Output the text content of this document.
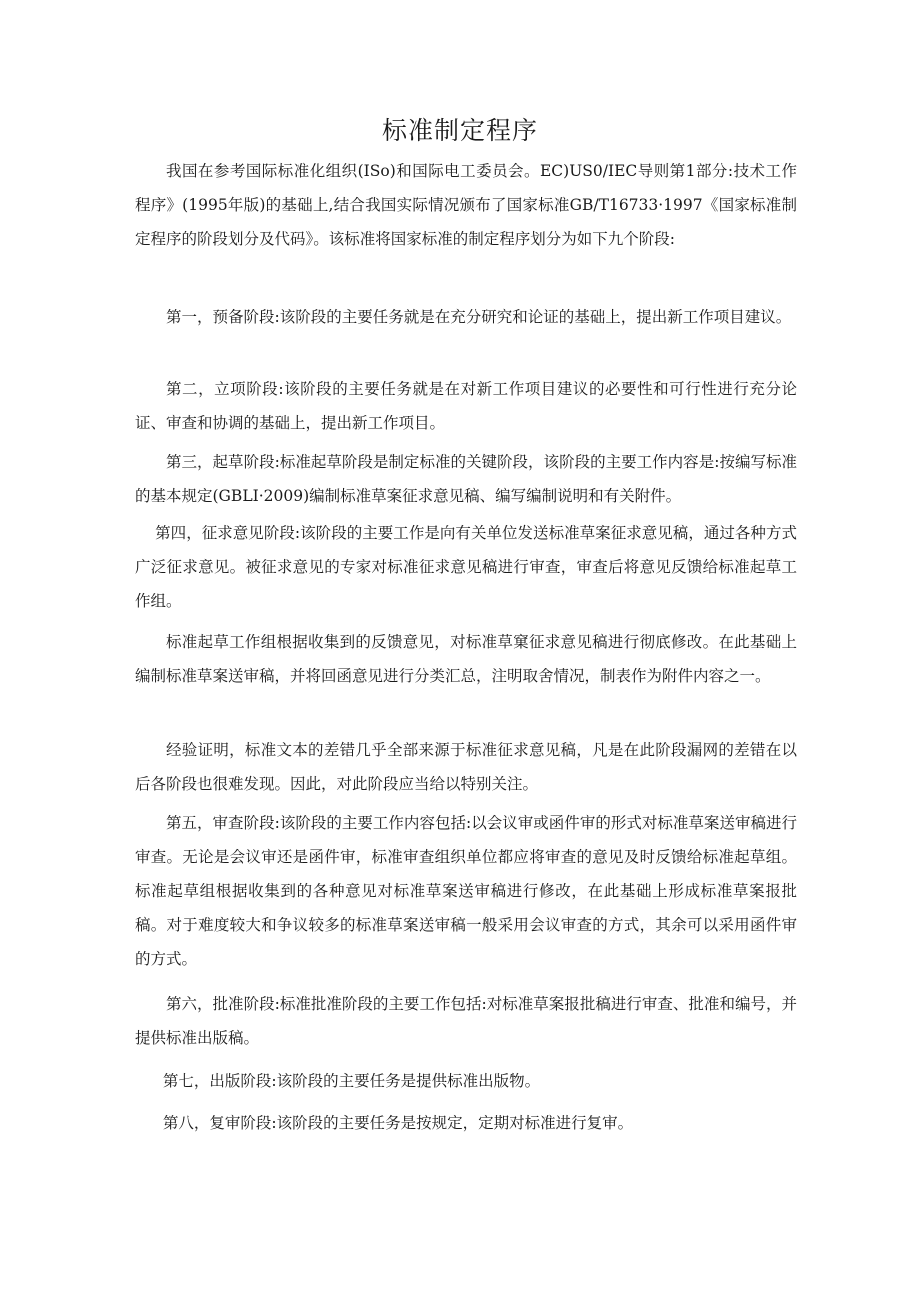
标准制定程序

我国在参考国际标准化组织(ISo)和国际电工委员会。EC)US0/IEC导则第1部分:技术工作程序》(1995年版)的基础上,结合我国实际情况颁布了国家标准GB/T16733·1997《国家标准制定程序的阶段划分及代码》。该标准将国家标准的制定程序划分为如下九个阶段:

第一，预备阶段:该阶段的主要任务就是在充分研究和论证的基础上，提出新工作项目建议。

第二，立项阶段:该阶段的主要任务就是在对新工作项目建议的必要性和可行性进行充分论证、审查和协调的基础上，提出新工作项目。

第三，起草阶段:标准起草阶段是制定标准的关键阶段，该阶段的主要工作内容是:按编写标准的基本规定(GBLI·2009)编制标准草案征求意见稿、编写编制说明和有关附件。

第四，征求意见阶段:该阶段的主要工作是向有关单位发送标准草案征求意见稿，通过各种方式广泛征求意见。被征求意见的专家对标准征求意见稿进行审查，审查后将意见反馈给标准起草工作组。

标准起草工作组根据收集到的反馈意见，对标准草窠征求意见稿进行彻底修改。在此基础上编制标准草案送审稿，并将回函意见进行分类汇总，注明取舍情况，制表作为附件内容之一。

经验证明，标准文本的差错几乎全部来源于标准征求意见稿，凡是在此阶段漏网的差错在以后各阶段也很难发现。因此，对此阶段应当给以特别关注。

第五，审查阶段:该阶段的主要工作内容包括:以会议审或函件审的形式对标准草案送审稿进行审查。无论是会议审还是函件审，标准审查组织单位都应将审查的意见及时反馈给标准起草组。标准起草组根据收集到的各种意见对标准草案送审稿进行修改，在此基础上形成标准草案报批稿。对于难度较大和争议较多的标准草案送审稿一般采用会议审查的方式，其余可以采用函件审的方式。

第六，批准阶段:标准批准阶段的主要工作包括:对标准草案报批稿进行审查、批准和编号，并提供标准出版稿。

第七，出版阶段:该阶段的主要任务是提供标准出版物。

第八，复审阶段:该阶段的主要任务是按规定，定期对标准进行复审。
